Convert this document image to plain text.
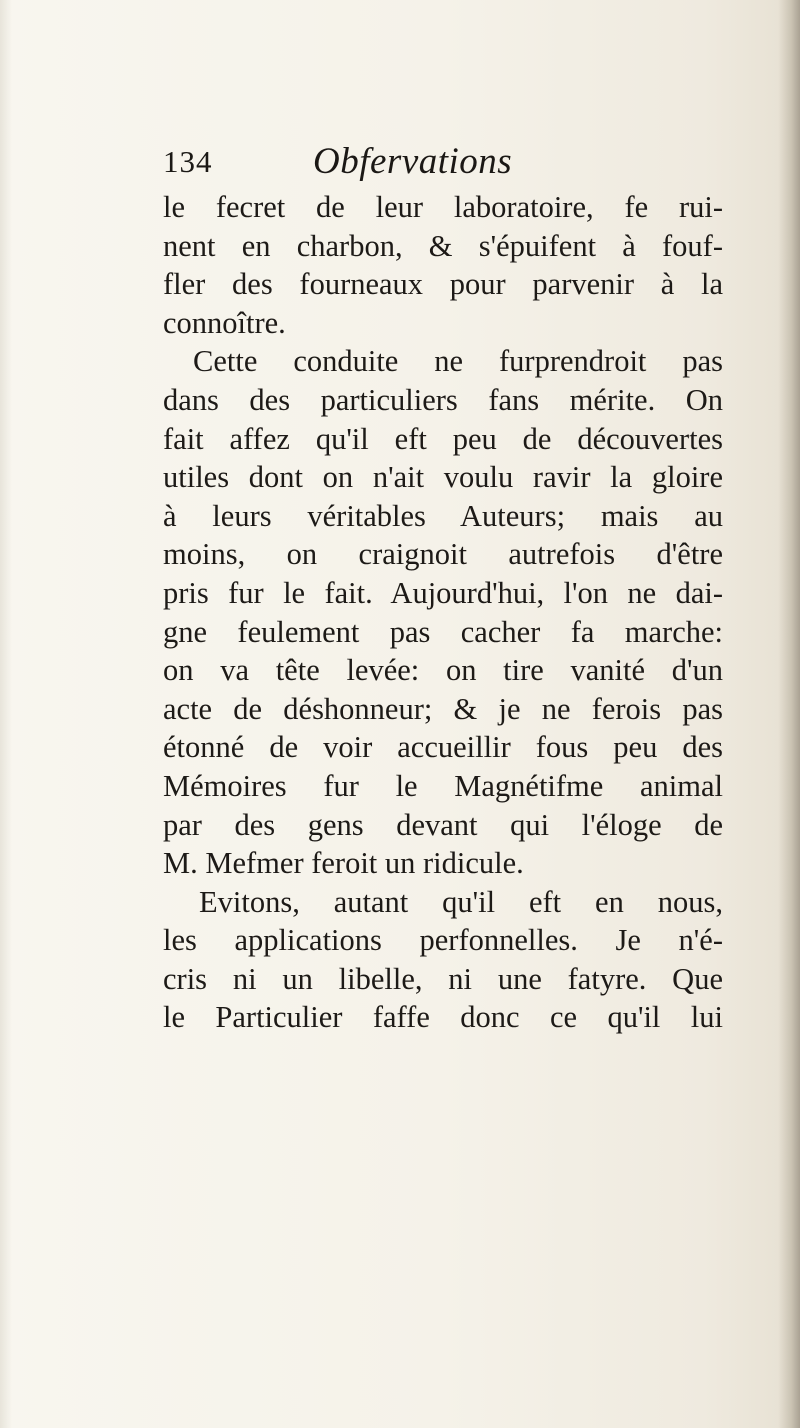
134	Obfervations
le fecret de leur laboratoire, fe rui-
nent en charbon, & s'épuifent à fouf-
fler des fourneaux pour parvenir à la
connoître.
Cette conduite ne furprendroit pas
dans des particuliers fans mérite. On
fait affez qu'il eft peu de découvertes
utiles dont on n'ait voulu ravir la gloire
à leurs véritables Auteurs; mais au
moins, on craignoit autrefois d'être
pris fur le fait. Aujourd'hui, l'on ne dai-
gne feulement pas cacher fa marche:
on va tête levée: on tire vanité d'un
acte de déshonneur; & je ne ferois pas
étonné de voir accueillir fous peu des
Mémoires fur le Magnétifme animal
par des gens devant qui l'éloge de
M. Mefmer feroit un ridicule.
Evitons, autant qu'il eft en nous,
les applications perfonnelles. Je n'é-
cris ni un libelle, ni une fatyre. Que
le Particulier faffe donc ce qu'il lui
